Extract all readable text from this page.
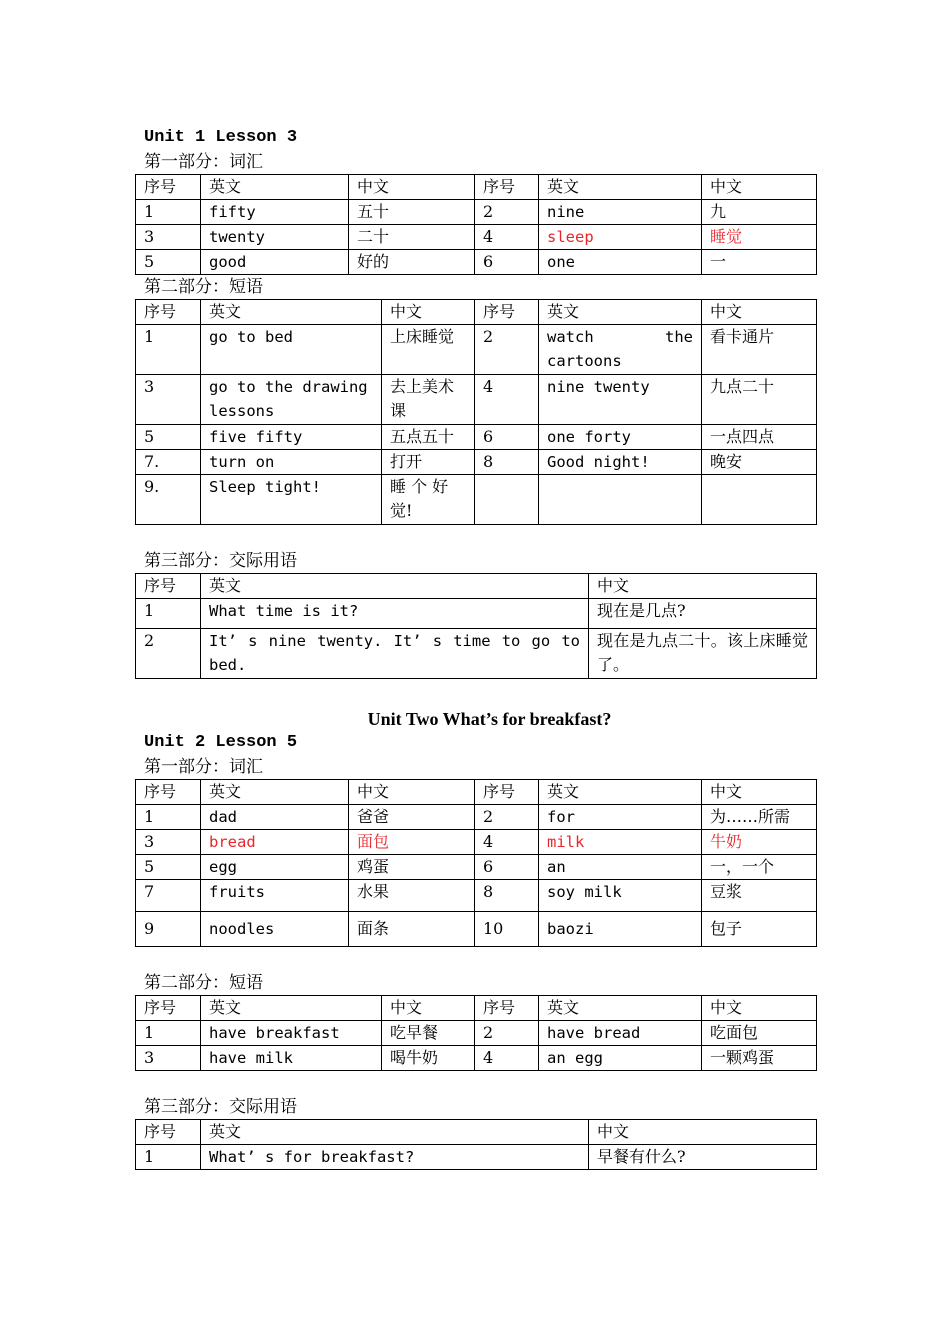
Unit 1 Lesson 3
第一部分：词汇
序号	英文	中文	序号	英文	中文
1	fifty	五十	2	nine	九
3	twenty	二十	4	sleep	睡觉
5	good	好的	6	one	一
第二部分：短语
序号	英文	中文	序号	英文	中文
1	go to bed	上床睡觉	2	watch the cartoons	看卡通片
3	go to the drawing lessons	去上美术课	4	nine twenty	九点二十
5	five fifty	五点五十	6	one forty	一点四点
7.	turn on	打开	8	Good night!	晚安
9.	Sleep tight!	睡 个 好 觉!			
第三部分：交际用语
序号	英文	中文
1	What time is it?	现在是几点?
2	It’ s nine twenty. It’ s time to go to bed.	现在是九点二十。该上床睡觉了。
Unit Two What’s for breakfast?
Unit 2 Lesson 5
第一部分：词汇
序号	英文	中文	序号	英文	中文
1	dad	爸爸	2	for	为……所需
3	bread	面包	4	milk	牛奶
5	egg	鸡蛋	6	an	一，一个
7	fruits	水果	8	soy milk	豆浆
9	noodles	面条	10	baozi	包子
第二部分：短语
序号	英文	中文	序号	英文	中文
1	have breakfast	吃早餐	2	have bread	吃面包
3	have milk	喝牛奶	4	an egg	一颗鸡蛋
第三部分：交际用语
序号	英文	中文
1	What’ s for breakfast?	早餐有什么?
